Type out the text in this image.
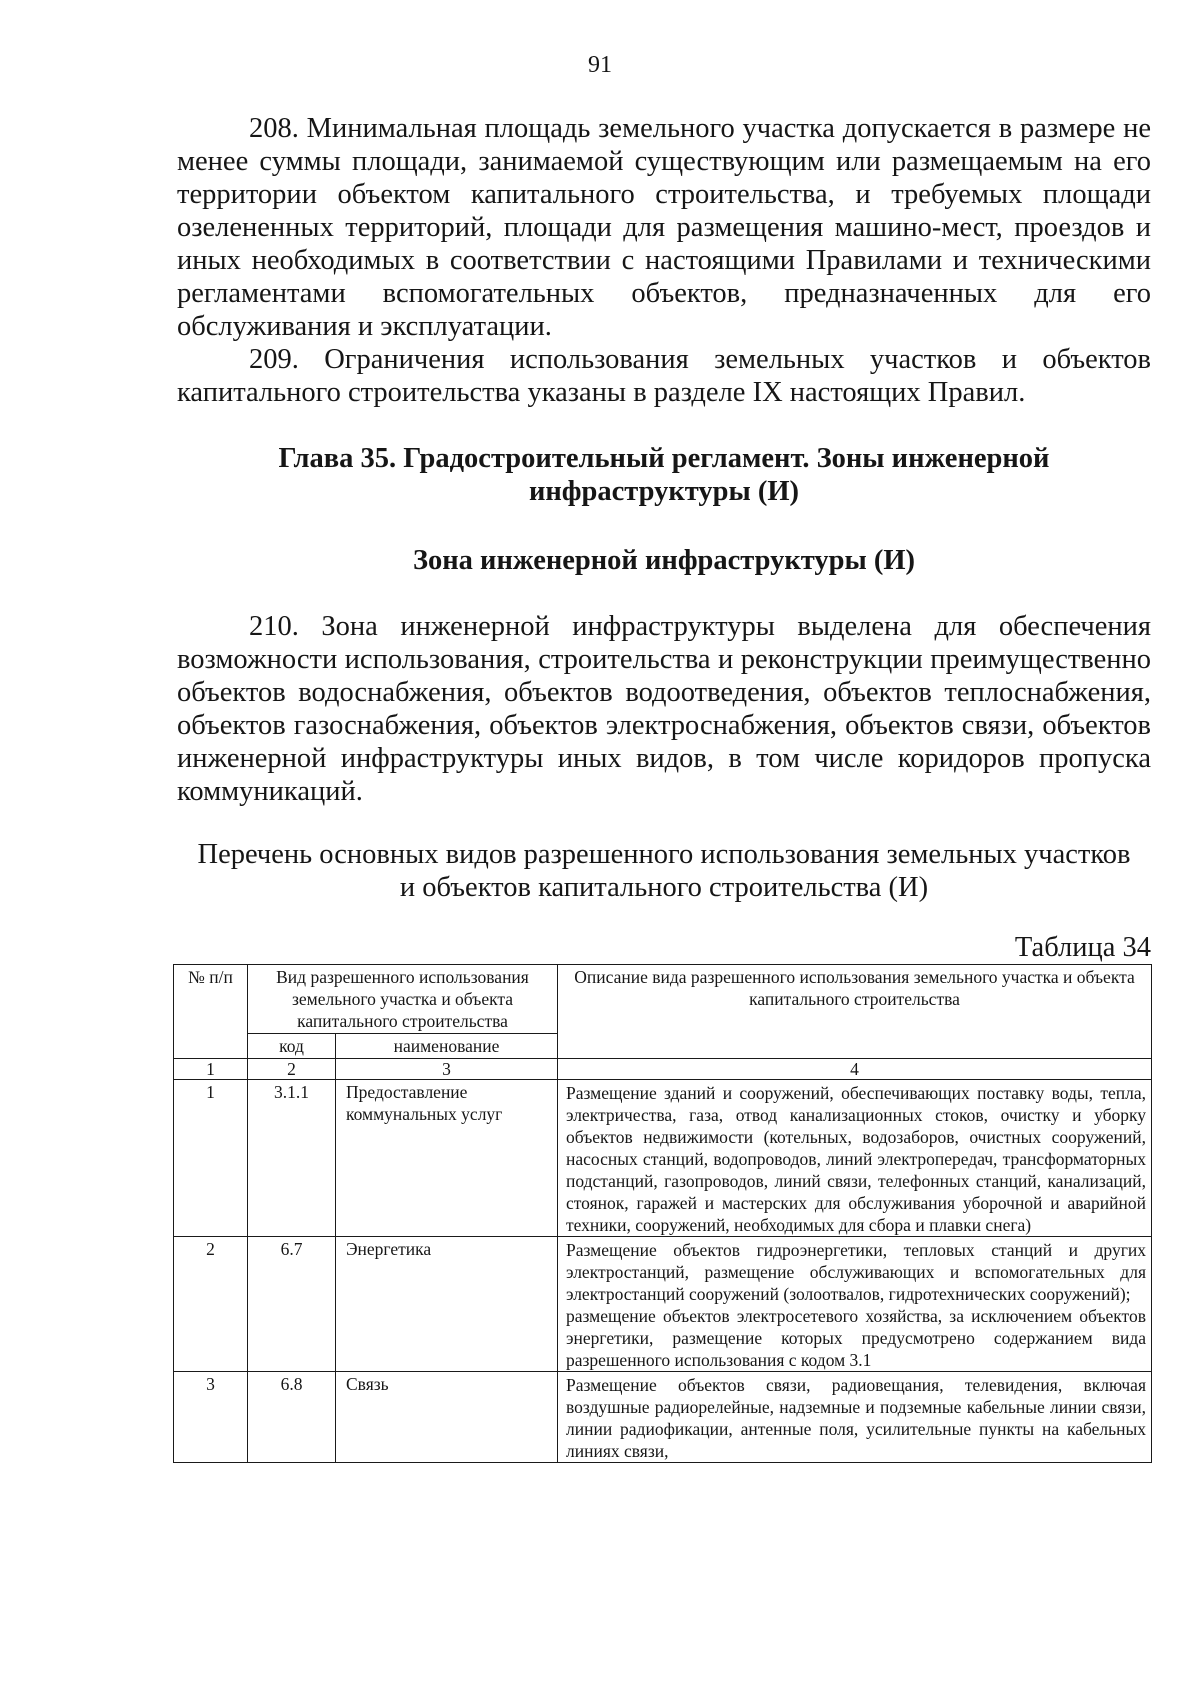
91

208. Минимальная площадь земельного участка допускается в размере не менее суммы площади, занимаемой существующим или размещаемым на его территории объектом капитального строительства, и требуемых площади озелененных территорий, площади для размещения машино-мест, проездов и иных необходимых в соответствии с настоящими Правилами и техническими регламентами вспомогательных объектов, предназначенных для его обслуживания и эксплуатации.

209. Ограничения использования земельных участков и объектов капитального строительства указаны в разделе IX настоящих Правил.

Глава 35. Градостроительный регламент. Зоны инженерной
инфраструктуры (И)
Зона инженерной инфраструктуры (И)

210. Зона инженерной инфраструктуры выделена для обеспечения возможности использования, строительства и реконструкции преимущественно объектов водоснабжения, объектов водоотведения, объектов теплоснабжения, объектов газоснабжения, объектов электроснабжения, объектов связи, объектов инженерной инфраструктуры иных видов, в том числе коридоров пропуска коммуникаций.

Перечень основных видов разрешенного использования земельных участков
и объектов капитального строительства (И)
Таблица 34
№ п/п	Вид разрешенного использования земельного участка и объекта капитального строительства		Описание вида разрешенного использования земельного участка и объекта капитального строительства
	код	наименование	
1	2	3	4
1	3.1.1	Предоставление коммунальных услуг	Размещение зданий и сооружений, обеспечивающих поставку воды, тепла, электричества, газа, отвод канализационных стоков, очистку и уборку объектов недвижимости (котельных, водозаборов, очистных сооружений, насосных станций, водопроводов, линий электропередач, трансформаторных подстанций, газопроводов, линий связи, телефонных станций, канализаций, стоянок, гаражей и мастерских для обслуживания уборочной и аварийной техники, сооружений, необходимых для сбора и плавки снега)

2	6.7	Энергетика	Размещение объектов гидроэнергетики, тепловых станций и других электростанций, размещение обслуживающих и вспомогательных для электростанций сооружений (золоотвалов, гидротехнических сооружений);
размещение объектов электросетевого хозяйства, за исключением объектов энергетики, размещение которых предусмотрено содержанием вида разрешенного использования с кодом 3.1

3	6.8	Связь	Размещение объектов связи, радиовещания, телевидения, включая воздушные радиорелейные, надземные и подземные кабельные линии связи, линии радиофикации, антенные поля, усилительные пункты на кабельных линиях связи,
